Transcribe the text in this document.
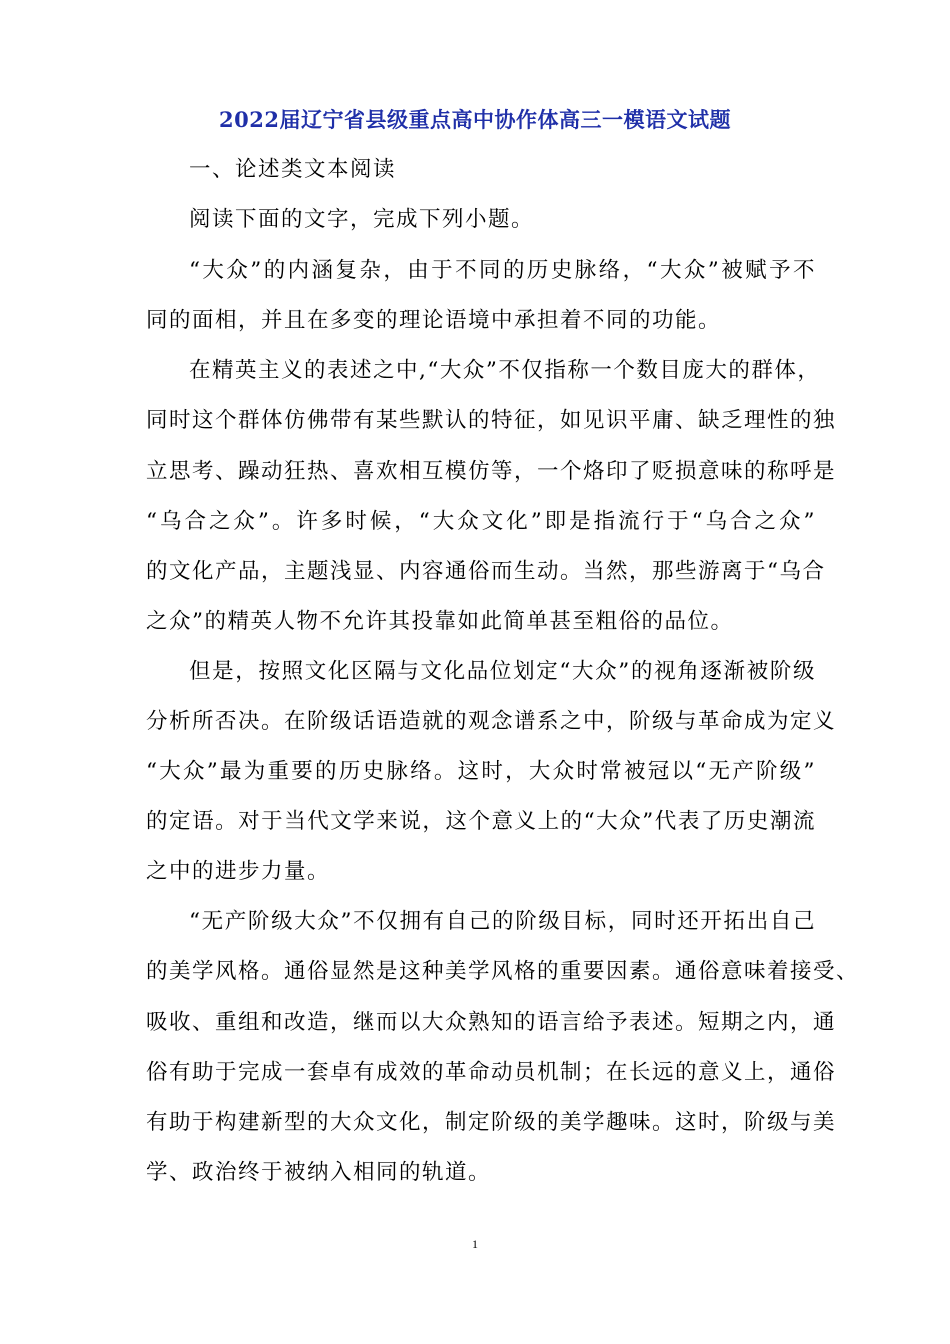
2022届辽宁省县级重点高中协作体高三一模语文试题
一、论述类文本阅读
阅读下面的文字，完成下列小题。
“大众”的内涵复杂，由于不同的历史脉络，“大众”被赋予不
同的面相，并且在多变的理论语境中承担着不同的功能。
在精英主义的表述之中,“大众”不仅指称一个数目庞大的群体，
同时这个群体仿佛带有某些默认的特征，如见识平庸、缺乏理性的独
立思考、躁动狂热、喜欢相互模仿等，一个烙印了贬损意味的称呼是
“乌合之众”。许多时候，“大众文化”即是指流行于“乌合之众”
的文化产品，主题浅显、内容通俗而生动。当然，那些游离于“乌合
之众”的精英人物不允许其投靠如此简单甚至粗俗的品位。
但是，按照文化区隔与文化品位划定“大众”的视角逐渐被阶级
分析所否决。在阶级话语造就的观念谱系之中，阶级与革命成为定义
“大众”最为重要的历史脉络。这时，大众时常被冠以“无产阶级”
的定语。对于当代文学来说，这个意义上的“大众”代表了历史潮流
之中的进步力量。
“无产阶级大众”不仅拥有自己的阶级目标，同时还开拓出自己
的美学风格。通俗显然是这种美学风格的重要因素。通俗意味着接受、
吸收、重组和改造，继而以大众熟知的语言给予表述。短期之内，通
俗有助于完成一套卓有成效的革命动员机制；在长远的意义上，通俗
有助于构建新型的大众文化，制定阶级的美学趣味。这时，阶级与美
学、政治终于被纳入相同的轨道。
1
